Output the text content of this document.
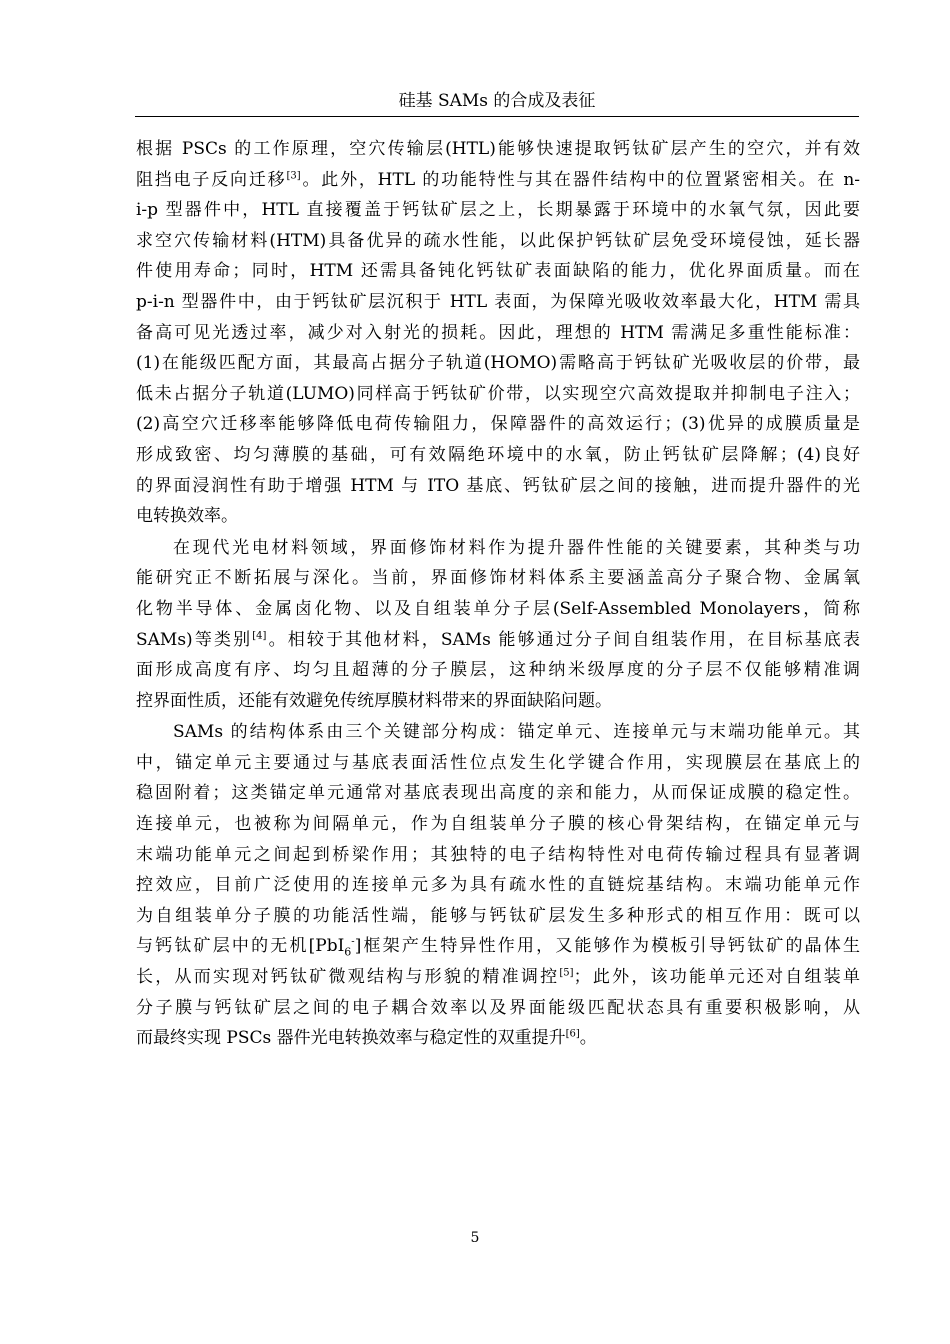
硅基 SAMs 的合成及表征
根据 PSCs 的工作原理，空穴传输层(HTL)能够快速提取钙钛矿层产生的空穴，并有效
阻挡电子反向迁移[3]。此外，HTL 的功能特性与其在器件结构中的位置紧密相关。在 n-
i-p 型器件中，HTL 直接覆盖于钙钛矿层之上，长期暴露于环境中的水氧气氛，因此要
求空穴传输材料(HTM)具备优异的疏水性能，以此保护钙钛矿层免受环境侵蚀，延长器
件使用寿命；同时，HTM 还需具备钝化钙钛矿表面缺陷的能力，优化界面质量。而在
p-i-n 型器件中，由于钙钛矿层沉积于 HTL 表面，为保障光吸收效率最大化，HTM 需具
备高可见光透过率，减少对入射光的损耗。因此，理想的 HTM 需满足多重性能标准：
(1)在能级匹配方面，其最高占据分子轨道(HOMO)需略高于钙钛矿光吸收层的价带，最
低未占据分子轨道(LUMO)同样高于钙钛矿价带，以实现空穴高效提取并抑制电子注入；
(2)高空穴迁移率能够降低电荷传输阻力，保障器件的高效运行；(3)优异的成膜质量是
形成致密、均匀薄膜的基础，可有效隔绝环境中的水氧，防止钙钛矿层降解；(4)良好
的界面浸润性有助于增强 HTM 与 ITO 基底、钙钛矿层之间的接触，进而提升器件的光
电转换效率。
在现代光电材料领域，界面修饰材料作为提升器件性能的关键要素，其种类与功
能研究正不断拓展与深化。当前，界面修饰材料体系主要涵盖高分子聚合物、金属氧
化物半导体、金属卤化物、以及自组装单分子层(Self-Assembled Monolayers，简称
SAMs)等类别[4]。相较于其他材料，SAMs 能够通过分子间自组装作用，在目标基底表
面形成高度有序、均匀且超薄的分子膜层，这种纳米级厚度的分子层不仅能够精准调
控界面性质，还能有效避免传统厚膜材料带来的界面缺陷问题。
SAMs 的结构体系由三个关键部分构成：锚定单元、连接单元与末端功能单元。其
中，锚定单元主要通过与基底表面活性位点发生化学键合作用，实现膜层在基底上的
稳固附着；这类锚定单元通常对基底表现出高度的亲和能力，从而保证成膜的稳定性。
连接单元，也被称为间隔单元，作为自组装单分子膜的核心骨架结构，在锚定单元与
末端功能单元之间起到桥梁作用；其独特的电子结构特性对电荷传输过程具有显著调
控效应，目前广泛使用的连接单元多为具有疏水性的直链烷基结构。末端功能单元作
为自组装单分子膜的功能活性端，能够与钙钛矿层发生多种形式的相互作用：既可以
与钙钛矿层中的无机[PbI$_6$-]框架产生特异性作用，又能够作为模板引导钙钛矿的晶体生
长，从而实现对钙钛矿微观结构与形貌的精准调控[5]；此外，该功能单元还对自组装单
分子膜与钙钛矿层之间的电子耦合效率以及界面能级匹配状态具有重要积极影响，从
而最终实现 PSCs 器件光电转换效率与稳定性的双重提升[6]。
5
